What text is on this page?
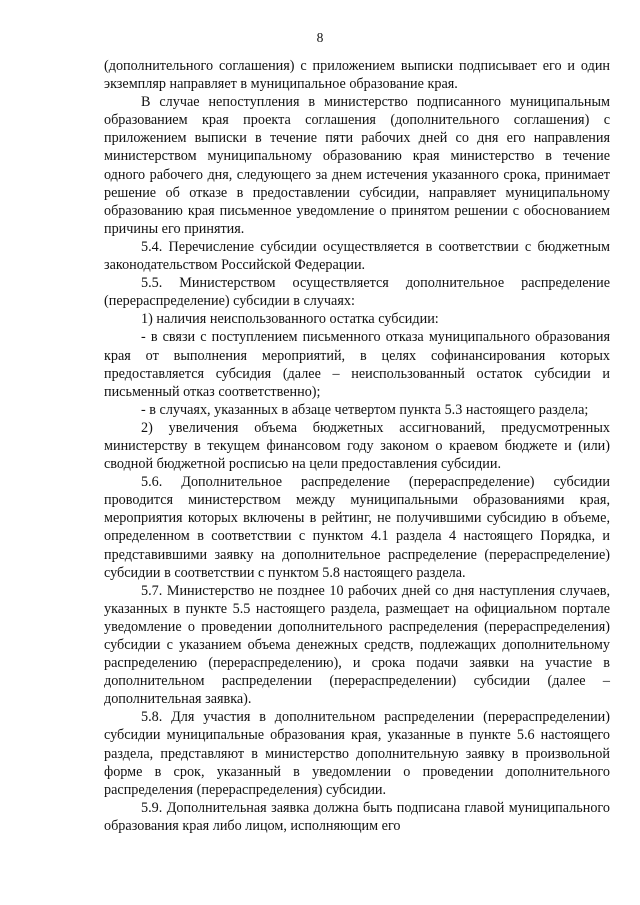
8

(дополнительного соглашения) с приложением выписки подписывает его и один экземпляр направляет в муниципальное образование края.

В случае непоступления в министерство подписанного муниципальным образованием края проекта соглашения (дополнительного соглашения) с приложением выписки в течение пяти рабочих дней со дня его направления министерством муниципальному образованию края министерство в течение одного рабочего дня, следующего за днем истечения указанного срока, принимает решение об отказе в предоставлении субсидии, направляет муниципальному образованию края письменное уведомление о принятом решении с обоснованием причины его принятия.

5.4. Перечисление субсидии осуществляется в соответствии с бюджетным законодательством Российской Федерации.

5.5. Министерством осуществляется дополнительное распределение (перераспределение) субсидии в случаях:

1) наличия неиспользованного остатка субсидии:

- в связи с поступлением письменного отказа муниципального образования края от выполнения мероприятий, в целях софинансирования которых предоставляется субсидия (далее – неиспользованный остаток субсидии и письменный отказ соответственно);

- в случаях, указанных в абзаце четвертом пункта 5.3 настоящего раздела;

2) увеличения объема бюджетных ассигнований, предусмотренных министерству в текущем финансовом году законом о краевом бюджете и (или) сводной бюджетной росписью на цели предоставления субсидии.

5.6. Дополнительное распределение (перераспределение) субсидии проводится министерством между муниципальными образованиями края, мероприятия которых включены в рейтинг, не получившими субсидию в объеме, определенном в соответствии с пунктом 4.1 раздела 4 настоящего Порядка, и представившими заявку на дополнительное распределение (перераспределение) субсидии в соответствии с пунктом 5.8 настоящего раздела.

5.7. Министерство не позднее 10 рабочих дней со дня наступления случаев, указанных в пункте 5.5 настоящего раздела, размещает на официальном портале уведомление о проведении дополнительного распределения (перераспределения) субсидии с указанием объема денежных средств, подлежащих дополнительному распределению (перераспределению), и срока подачи заявки на участие в дополнительном распределении (перераспределении) субсидии (далее – дополнительная заявка).

5.8. Для участия в дополнительном распределении (перераспределении) субсидии муниципальные образования края, указанные в пункте 5.6 настоящего раздела, представляют в министерство дополнительную заявку в произвольной форме в срок, указанный в уведомлении о проведении дополнительного распределения (перераспределения) субсидии.

5.9. Дополнительная заявка должна быть подписана главой муниципального образования края либо лицом, исполняющим его
